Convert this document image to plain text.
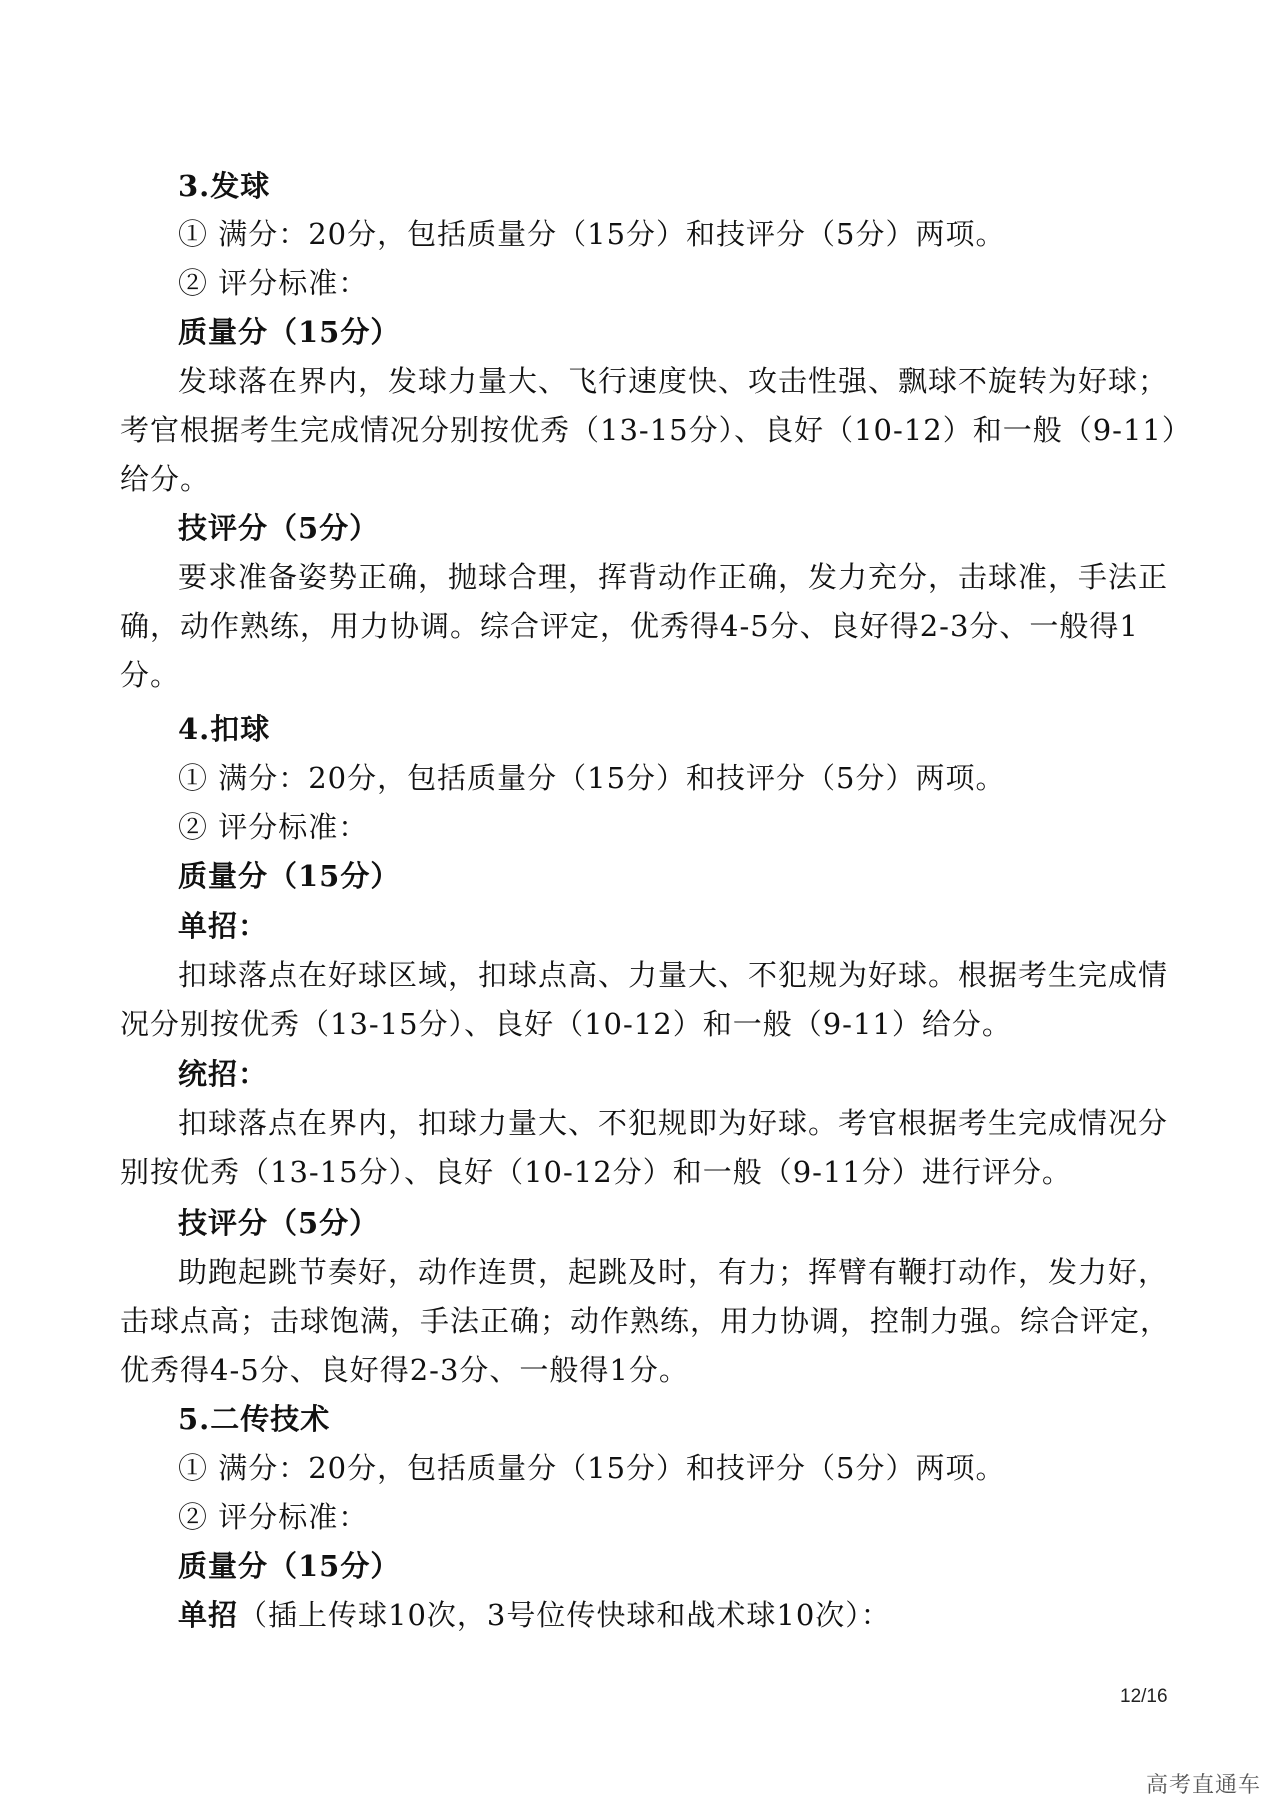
3.发球
① 满分：20分，包括质量分（15分）和技评分（5分）两项。
② 评分标准：
质量分（15分）
发球落在界内，发球力量大、飞行速度快、攻击性强、飘球不旋转为好球；
考官根据考生完成情况分别按优秀（13-15分）、良好（10-12）和一般（9-11）
给分。
技评分（5分）
要求准备姿势正确，抛球合理，挥背动作正确，发力充分，击球准，手法正
确，动作熟练，用力协调。综合评定，优秀得4-5分、良好得2-3分、一般得1
分。
4.扣球
① 满分：20分，包括质量分（15分）和技评分（5分）两项。
② 评分标准：
质量分（15分）
单招：
扣球落点在好球区域，扣球点高、力量大、不犯规为好球。根据考生完成情
况分别按优秀（13-15分）、良好（10-12）和一般（9-11）给分。
统招：
扣球落点在界内，扣球力量大、不犯规即为好球。考官根据考生完成情况分
别按优秀（13-15分）、良好（10-12分）和一般（9-11分）进行评分。
技评分（5分）
助跑起跳节奏好，动作连贯，起跳及时，有力；挥臂有鞭打动作，发力好，
击球点高；击球饱满，手法正确；动作熟练，用力协调，控制力强。综合评定，
优秀得4-5分、良好得2-3分、一般得1分。
5.二传技术
① 满分：20分，包括质量分（15分）和技评分（5分）两项。
② 评分标准：
质量分（15分）
单招（插上传球10次，3号位传快球和战术球10次）：
12/16
高考直通车
